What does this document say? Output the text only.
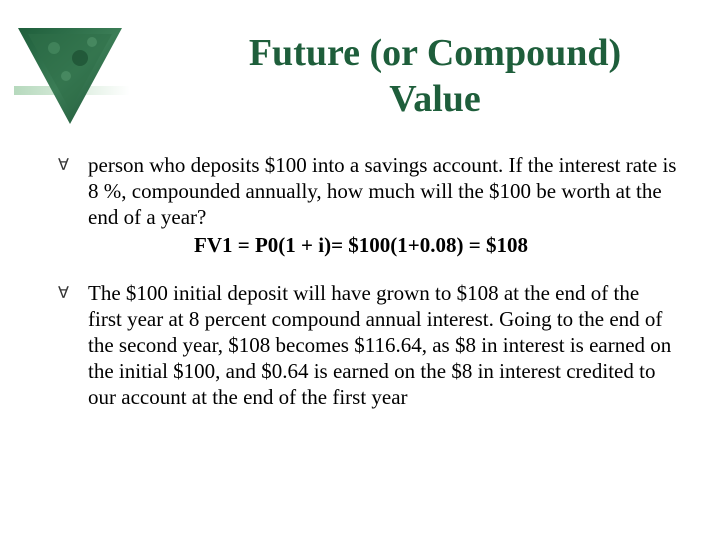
Future (or Compound) Value
∀ person who deposits $100 into a savings account. If the interest rate is 8 %, compounded annually, how much will the $100 be worth at the end of a year?
FV1 = P0(1 + i)= $100(1+0.08) = $108
∀ The $100 initial deposit will have grown to $108 at the end of the first year at 8 percent compound annual interest. Going to the end of the second year, $108 becomes $116.64, as $8 in interest is earned on the initial $100, and $0.64 is earned on the $8 in interest credited to our account at the end of the first year
